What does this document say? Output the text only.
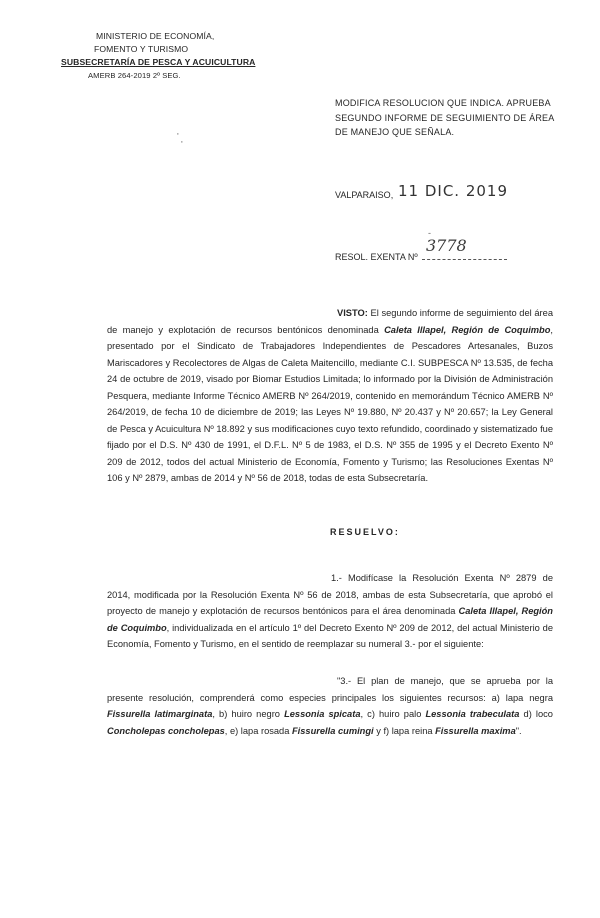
MINISTERIO DE ECONOMÍA,
FOMENTO Y TURISMO
SUBSECRETARÍA DE PESCA Y ACUICULTURA
AMERB 264-2019 2º SEG.
MODIFICA RESOLUCION QUE INDICA. APRUEBA
SEGUNDO INFORME DE SEGUIMIENTO DE ÁREA
DE MANEJO QUE SEÑALA.
·
·
VALPARAISO, 11 DIC. 2019
RESOL. EXENTA Nº
3778
-
VISTO: El segundo informe de seguimiento del área de manejo y explotación de recursos bentónicos denominada Caleta Illapel, Región de Coquimbo, presentado por el Sindicato de Trabajadores Independientes de Pescadores Artesanales, Buzos Mariscadores y Recolectores de Algas de Caleta Maitencillo, mediante C.I. SUBPESCA Nº 13.535, de fecha 24 de octubre de 2019, visado por Biomar Estudios Limitada; lo informado por la División de Administración Pesquera, mediante Informe Técnico AMERB Nº 264/2019, contenido en memorándum Técnico AMERB Nº 264/2019, de fecha 10 de diciembre de 2019; las Leyes Nº 19.880, Nº 20.437 y Nº 20.657; la Ley General de Pesca y Acuicultura Nº 18.892 y sus modificaciones cuyo texto refundido, coordinado y sistematizado fue fijado por el D.S. Nº 430 de 1991, el D.F.L. Nº 5 de 1983, el D.S. Nº 355 de 1995 y el Decreto Exento Nº 209 de 2012, todos del actual Ministerio de Economía, Fomento y Turismo; las Resoluciones Exentas Nº 106 y Nº 2879, ambas de 2014 y Nº 56 de 2018, todas de esta Subsecretaría.
RESUELVO:
1.- Modifícase la Resolución Exenta Nº 2879 de 2014, modificada por la Resolución Exenta Nº 56 de 2018, ambas de esta Subsecretaría, que aprobó el proyecto de manejo y explotación de recursos bentónicos para el área denominada Caleta Illapel, Región de Coquimbo, individualizada en el artículo 1º del Decreto Exento Nº 209 de 2012, del actual Ministerio de Economía, Fomento y Turismo, en el sentido de reemplazar su numeral 3.- por el siguiente:
"3.- El plan de manejo, que se aprueba por la presente resolución, comprenderá como especies principales los siguientes recursos: a) lapa negra Fissurella latimarginata, b) huiro negro Lessonia spicata, c) huiro palo Lessonia trabeculata d) loco Concholepas concholepas, e) lapa rosada Fissurella cumingi y f) lapa reina Fissurella maxima".
